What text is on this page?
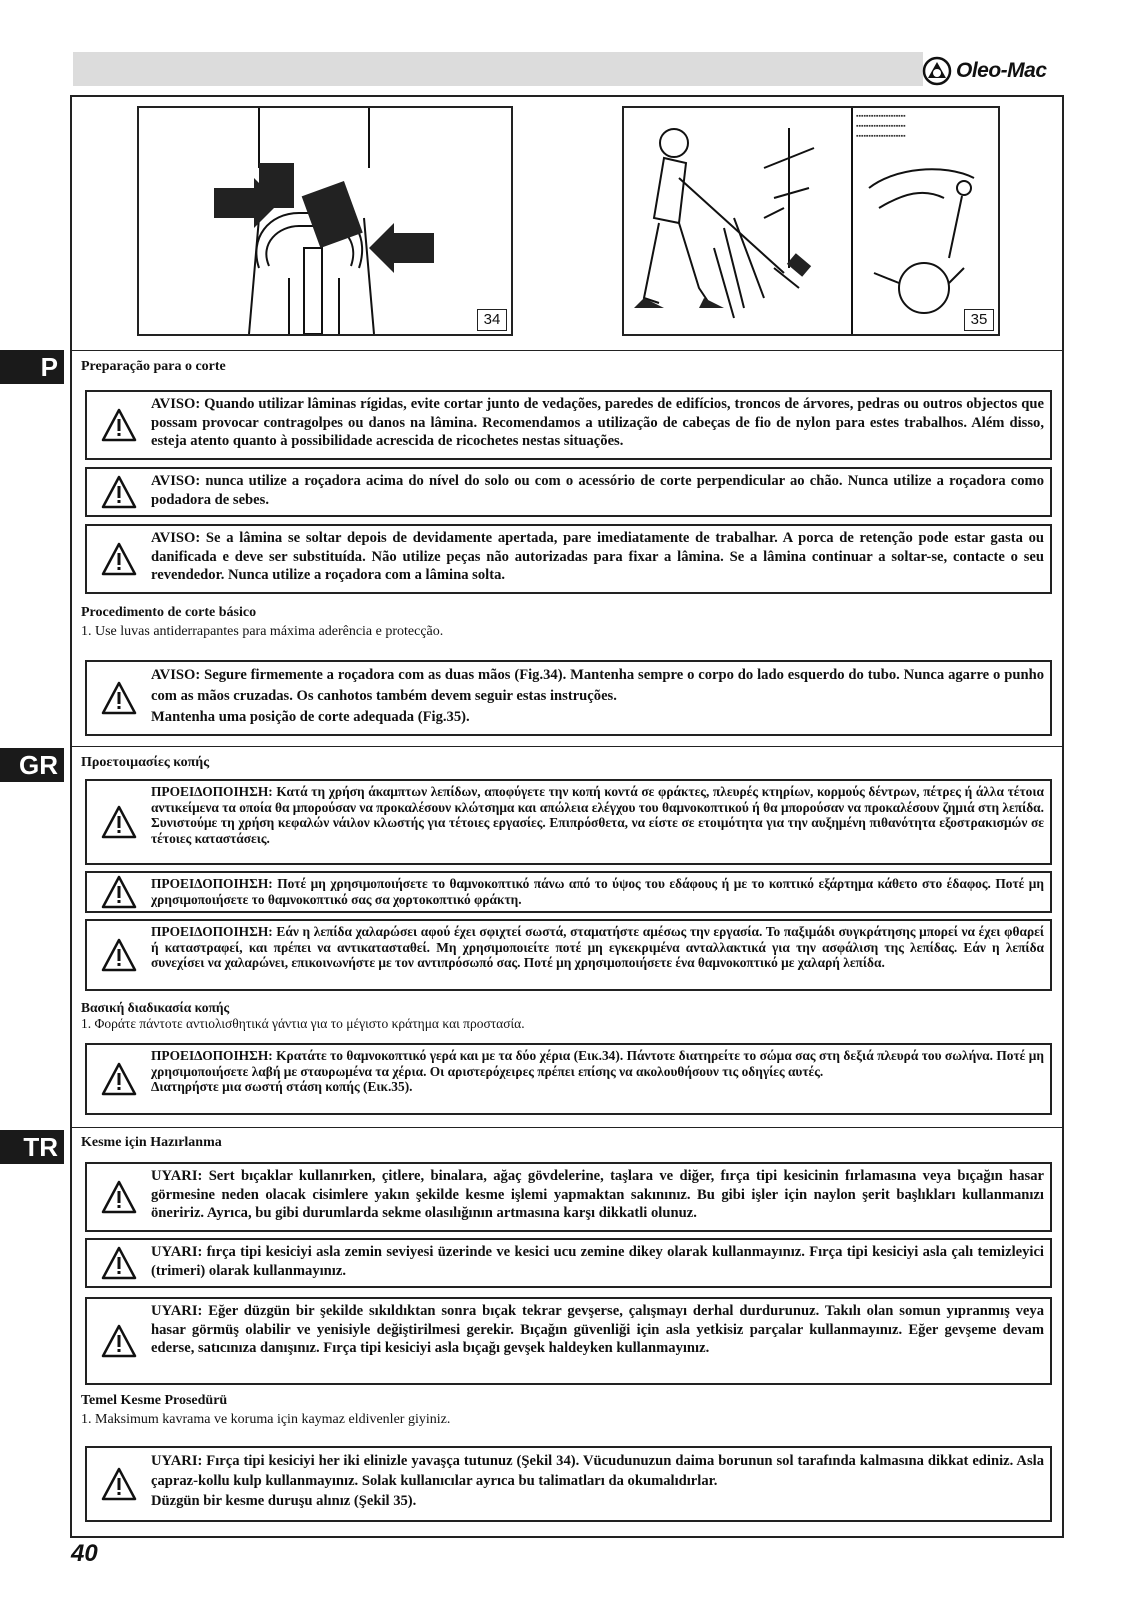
Oleo-Mac
34
▪▪▪▪▪▪▪▪▪▪▪▪▪▪▪▪▪▪▪▪
▪▪▪▪▪▪▪▪▪▪▪▪▪▪▪▪▪▪▪▪
▪▪▪▪▪▪▪▪▪▪▪▪▪▪▪▪▪▪▪▪
35
P	Preparação para o corte
AVISO: Quando utilizar lâminas rígidas, evite cortar junto de vedações, paredes de edifícios, troncos de árvores, pedras ou outros objectos que possam provocar contragolpes ou danos na lâmina. Recomendamos a utilização de cabeças de fio de nylon para estes trabalhos. Além disso, esteja atento quanto à possibilidade acrescida de ricochetes nestas situações.
AVISO: nunca utilize a roçadora acima do nível do solo ou com o acessório de corte perpendicular ao chão. Nunca utilize a roçadora como podadora de sebes.
AVISO: Se a lâmina se soltar depois de devidamente apertada, pare imediatamente de trabalhar. A porca de retenção pode estar gasta ou danificada e deve ser substituída. Não utilize peças não autorizadas para fixar a lâmina. Se a lâmina continuar a soltar-se, contacte o seu revendedor. Nunca utilize a roçadora com a lâmina solta.
Procedimento de corte básico
1. Use luvas antiderrapantes para máxima aderência e protecção.
AVISO: Segure firmemente a roçadora com as duas mãos (Fig.34). Mantenha sempre o corpo do lado esquerdo do tubo. Nunca agarre o punho com as mãos cruzadas. Os canhotos também devem seguir estas instruções.
Mantenha uma posição de corte adequada (Fig.35).
GR	Προετοιμασίες κοπής
ΠΡΟΕΙΔΟΠΟΙΗΣΗ: Κατά τη χρήση άκαμπτων λεπίδων, αποφύγετε την κοπή κοντά σε φράκτες, πλευρές κτηρίων, κορμούς δέντρων, πέτρες ή άλλα τέτοια αντικείμενα τα οποία θα μπορούσαν να προκαλέσουν κλώτσημα και απώλεια ελέγχου του θαμνοκοπτικού ή θα μπορούσαν να προκαλέσουν ζημιά στη λεπίδα. Συνιστούμε τη χρήση κεφαλών νάιλον κλωστής για τέτοιες εργασίες. Επιπρόσθετα, να είστε σε ετοιμότητα για την αυξημένη πιθανότητα εξοστρακισμών σε τέτοιες καταστάσεις.
ΠΡΟΕΙΔΟΠΟΙΗΣΗ: Ποτέ μη χρησιμοποιήσετε το θαμνοκοπτικό πάνω από το ύψος του εδάφους ή με το κοπτικό εξάρτημα κάθετο στο έδαφος. Ποτέ μη χρησιμοποιήσετε το θαμνοκοπτικό σας σα χορτοκοπτικό φράκτη.
ΠΡΟΕΙΔΟΠΟΙΗΣΗ: Εάν η λεπίδα χαλαρώσει αφού έχει σφιχτεί σωστά, σταματήστε αμέσως την εργασία. Το παξιμάδι συγκράτησης μπορεί να έχει φθαρεί ή καταστραφεί, και πρέπει να αντικατασταθεί. Μη χρησιμοποιείτε ποτέ μη εγκεκριμένα ανταλλακτικά για την ασφάλιση της λεπίδας. Εάν η λεπίδα συνεχίσει να χαλαρώνει, επικοινωνήστε με τον αντιπρόσωπό σας. Ποτέ μη χρησιμοποιήσετε ένα θαμνοκοπτικό με χαλαρή λεπίδα.
Βασική διαδικασία κοπής
1. Φοράτε πάντοτε αντιολισθητικά γάντια για το μέγιστο κράτημα και προστασία.
ΠΡΟΕΙΔΟΠΟΙΗΣΗ: Κρατάτε το θαμνοκοπτικό γερά και με τα δύο χέρια (Εικ.34). Πάντοτε διατηρείτε το σώμα σας στη δεξιά πλευρά του σωλήνα. Ποτέ μη χρησιμοποιήσετε λαβή με σταυρωμένα τα χέρια. Οι αριστερόχειρες πρέπει επίσης να ακολουθήσουν τις οδηγίες αυτές.
Διατηρήστε μια σωστή στάση κοπής (Εικ.35).
TR	Kesme için Hazırlanma
UYARI: Sert bıçaklar kullanırken, çitlere, binalara, ağaç gövdelerine, taşlara ve diğer, fırça tipi kesicinin fırlamasına veya bıçağın hasar görmesine neden olacak cisimlere yakın şekilde kesme işlemi yapmaktan sakınınız. Bu gibi işler için naylon şerit başlıkları kullanmanızı öneririz. Ayrıca, bu gibi durumlarda sekme olasılığının artmasına karşı dikkatli olunuz.
UYARI: fırça tipi kesiciyi asla zemin seviyesi üzerinde ve kesici ucu zemine dikey olarak kullanmayınız. Fırça tipi kesiciyi asla çalı temizleyici (trimeri) olarak kullanmayınız.
UYARI: Eğer düzgün bir şekilde sıkıldıktan sonra bıçak tekrar gevşerse, çalışmayı derhal durdurunuz. Takılı olan somun yıpranmış veya hasar görmüş olabilir ve yenisiyle değiştirilmesi gerekir. Bıçağın güvenliği için asla yetkisiz parçalar kullanmayınız. Eğer gevşeme devam ederse, satıcınıza danışınız. Fırça tipi kesiciyi asla bıçağı gevşek haldeyken kullanmayınız.
Temel Kesme Prosedürü
1. Maksimum kavrama ve koruma için kaymaz eldivenler giyiniz.
UYARI: Fırça tipi kesiciyi her iki elinizle yavaşça tutunuz (Şekil 34). Vücudunuzun daima borunun sol tarafında kalmasına dikkat ediniz. Asla çapraz-kollu kulp kullanmayınız. Solak kullanıcılar ayrıca bu talimatları da okumalıdırlar.
Düzgün bir kesme duruşu alınız (Şekil 35).
40
